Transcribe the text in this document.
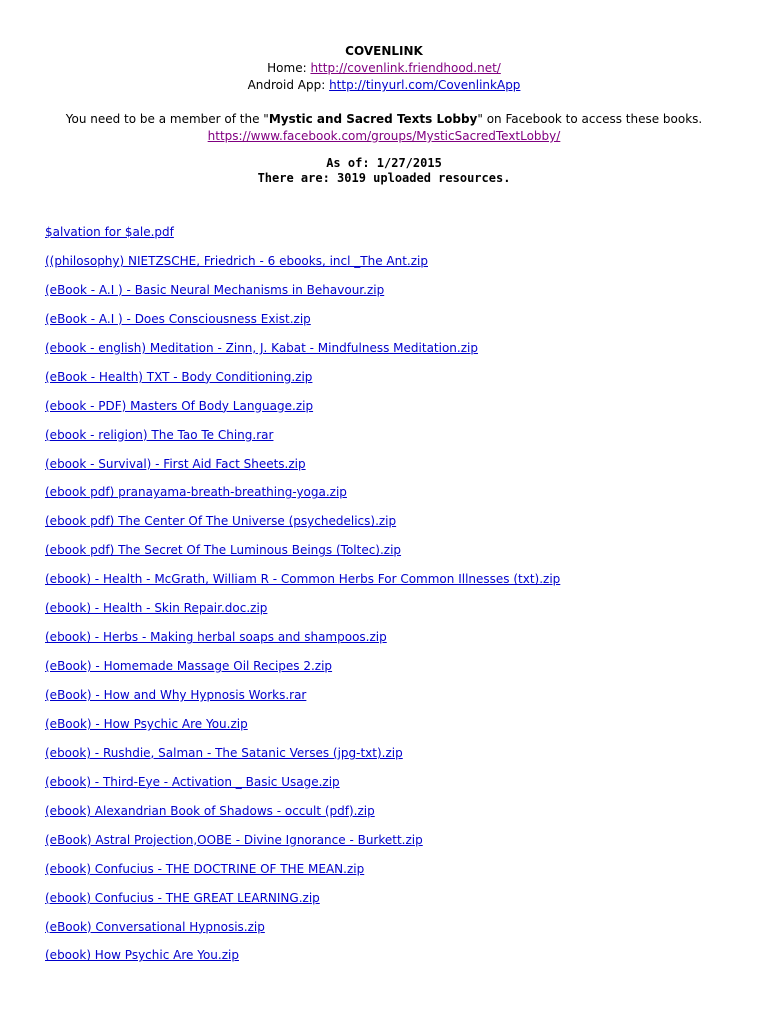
COVENLINK
Home: http://covenlink.friendhood.net/
Android App: http://tinyurl.com/CovenlinkApp
You need to be a member of the "Mystic and Sacred Texts Lobby" on Facebook to access these books.
https://www.facebook.com/groups/MysticSacredTextLobby/
As of: 1/27/2015
There are: 3019 uploaded resources.
$alvation for $ale.pdf
((philosophy) NIETZSCHE, Friedrich - 6 ebooks, incl _The Ant.zip
(eBook - A.I ) - Basic Neural Mechanisms in Behavour.zip
(eBook - A.I ) - Does Consciousness Exist.zip
(ebook - english) Meditation - Zinn, J. Kabat - Mindfulness Meditation.zip
(eBook - Health) TXT - Body Conditioning.zip
(ebook - PDF) Masters Of Body Language.zip
(ebook - religion) The Tao Te Ching.rar
(ebook - Survival) - First Aid Fact Sheets.zip
(ebook pdf) pranayama-breath-breathing-yoga.zip
(ebook pdf) The Center Of The Universe (psychedelics).zip
(ebook pdf) The Secret Of The Luminous Beings (Toltec).zip
(ebook) - Health - McGrath, William R - Common Herbs For Common Illnesses (txt).zip
(ebook) - Health - Skin Repair.doc.zip
(ebook) - Herbs - Making herbal soaps and shampoos.zip
(eBook) - Homemade Massage Oil Recipes 2.zip
(eBook) - How and Why Hypnosis Works.rar
(eBook) - How Psychic Are You.zip
(ebook) - Rushdie, Salman - The Satanic Verses (jpg-txt).zip
(ebook) - Third-Eye - Activation _ Basic Usage.zip
(ebook) Alexandrian Book of Shadows - occult (pdf).zip
(eBook) Astral Projection,OOBE - Divine Ignorance - Burkett.zip
(ebook) Confucius - THE DOCTRINE OF THE MEAN.zip
(ebook) Confucius - THE GREAT LEARNING.zip
(eBook) Conversational Hypnosis.zip
(ebook) How Psychic Are You.zip
